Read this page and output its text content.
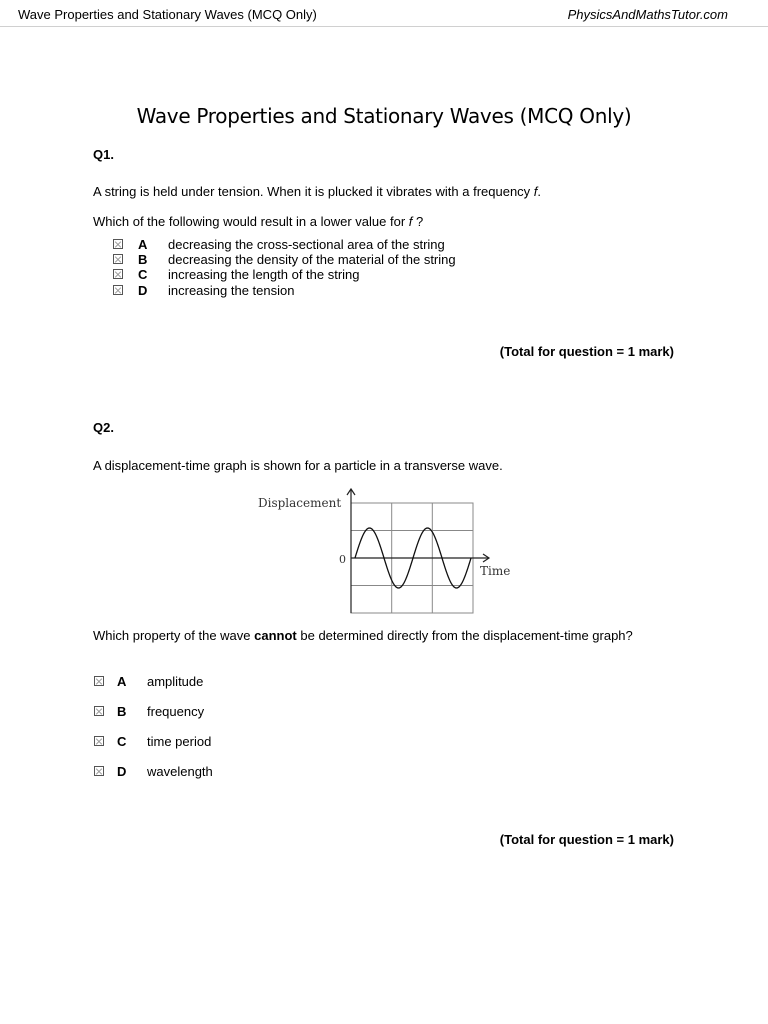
Wave Properties and Stationary Waves (MCQ Only)	PhysicsAndMathsTutor.com
Wave Properties and Stationary Waves (MCQ Only)
Q1.
A string is held under tension. When it is plucked it vibrates with a frequency f.
Which of the following would result in a lower value for f ?
A decreasing the cross-sectional area of the string
B decreasing the density of the material of the string
C increasing the length of the string
D increasing the tension
(Total for question = 1 mark)
Q2.
A displacement-time graph is shown for a particle in a transverse wave.
Displacement
Time
0
Which property of the wave cannot be determined directly from the displacement-time graph?
A amplitude
B frequency
C time period
D wavelength
(Total for question = 1 mark)
